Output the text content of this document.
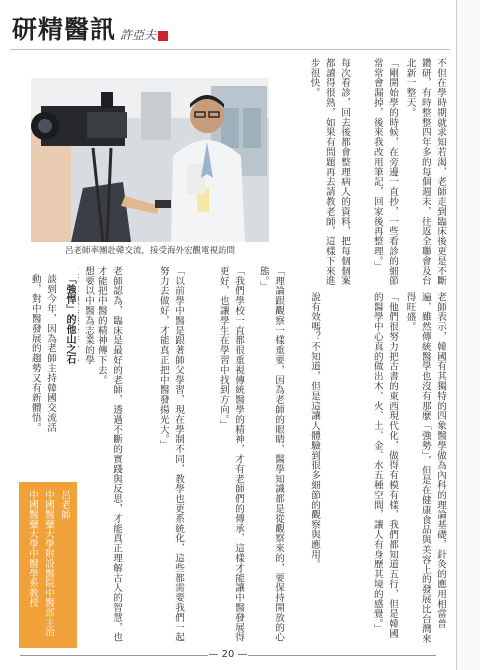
研精醫訊 許亞夫
不但在學時期就求知若渴，老師走到臨床後更是不斷鑽研，有時整整四年多的每個週末，往返全聯會及台北新一整天。
「剛開始學的時候，在旁邊一直抄，一些看診的細節常常會漏掉，後來我改用筆記，回家後再整理。」
每次看診，回去後都會整理病人的資料，把每個個案都讀得很熟，如果有問題再去請教老師，這樣下來進步很快。
呂老師率團赴韓交流，接受海外宏觀電視訪問
老師表示，韓國有其獨特的四象醫學做為內科的理論基礎，針灸的應用相當普遍，雖然傳統醫學也沒有那麼「強勢」，但是在健康食品與美容上的發展比台灣來得旺盛。
「他們很努力把古書的東西現代化，做得有模有樣，我們都知道五行，但是韓國的醫學中心真的做出木、火、土、金、水五種空間，讓人有身歷其境的感覺。」
說有效嗎？不知道，但是這讓人體驗到很多細節的觀察與應用。
「理論跟觀察一樣重要，因為老師的眼睛、醫學知識都是從觀察來的，要保持開放的心態。」
「我們學校一直都很重視傳統醫學的精神，才有老師們的傳承，這樣才能讓中醫發展得更好，也讓學生在學習中找到方向。」
「以前學中醫是跟著師父學習，現在學制不同，教學也更系統化，這些都需要我們一起努力去做好，才能真正把中醫發揚光大。」
老師認為，臨床是最好的老師，透過不斷的實踐與反思，才能真正理解古人的智慧，也才能把中醫的精神傳下去。
想要以中醫為志業的學
「強悍」的他山之石
談到今年，因為老師主持韓國交流活動，對中醫發展的趨勢又有新體悟。
呂老師
中國醫藥大學附設醫院中醫部主治
中國醫藥大學中醫學系教授
— 20 —
